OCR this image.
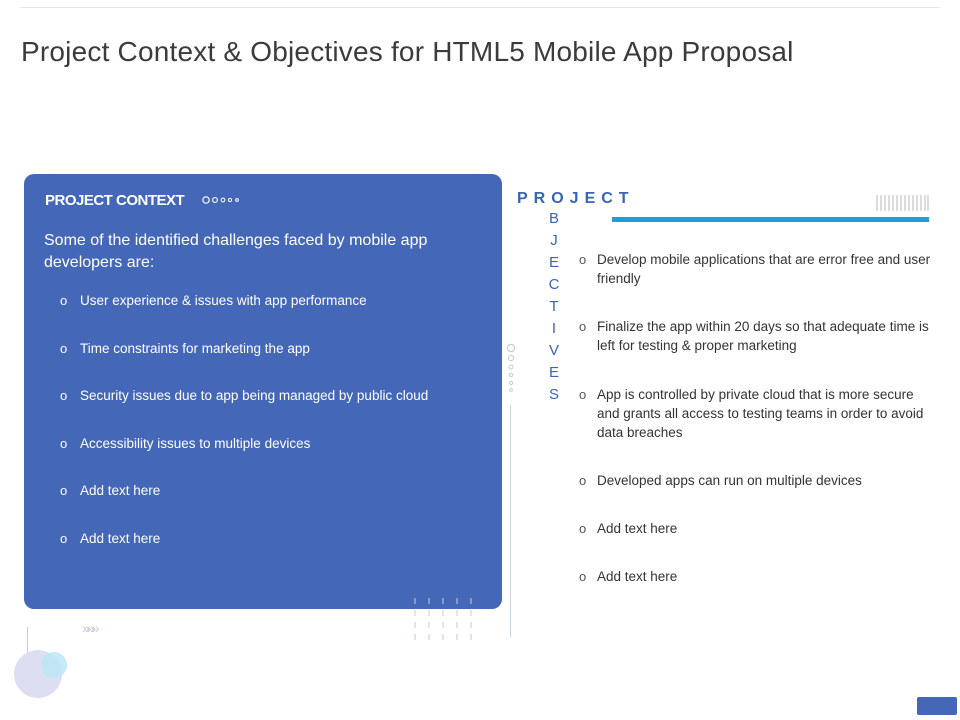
Project Context & Objectives for HTML5 Mobile App Proposal
PROJECT CONTEXT
Some of the identified challenges faced by mobile app developers are:
o User experience & issues with app performance
o Time constraints for marketing the app
o Security issues due to app being managed by public cloud
o Accessibility issues to multiple devices
o Add text here
o Add text here
PROJECT
B
J
E
C
T
I
V
E
S
o Develop mobile applications that are error free and user friendly
o Finalize the app within 20 days so that adequate time is left for testing & proper marketing
o App is controlled by private cloud that is more secure and grants all access to testing teams in order to avoid data breaches
o Developed apps can run on multiple devices
o Add text here
o Add text here
»»»
